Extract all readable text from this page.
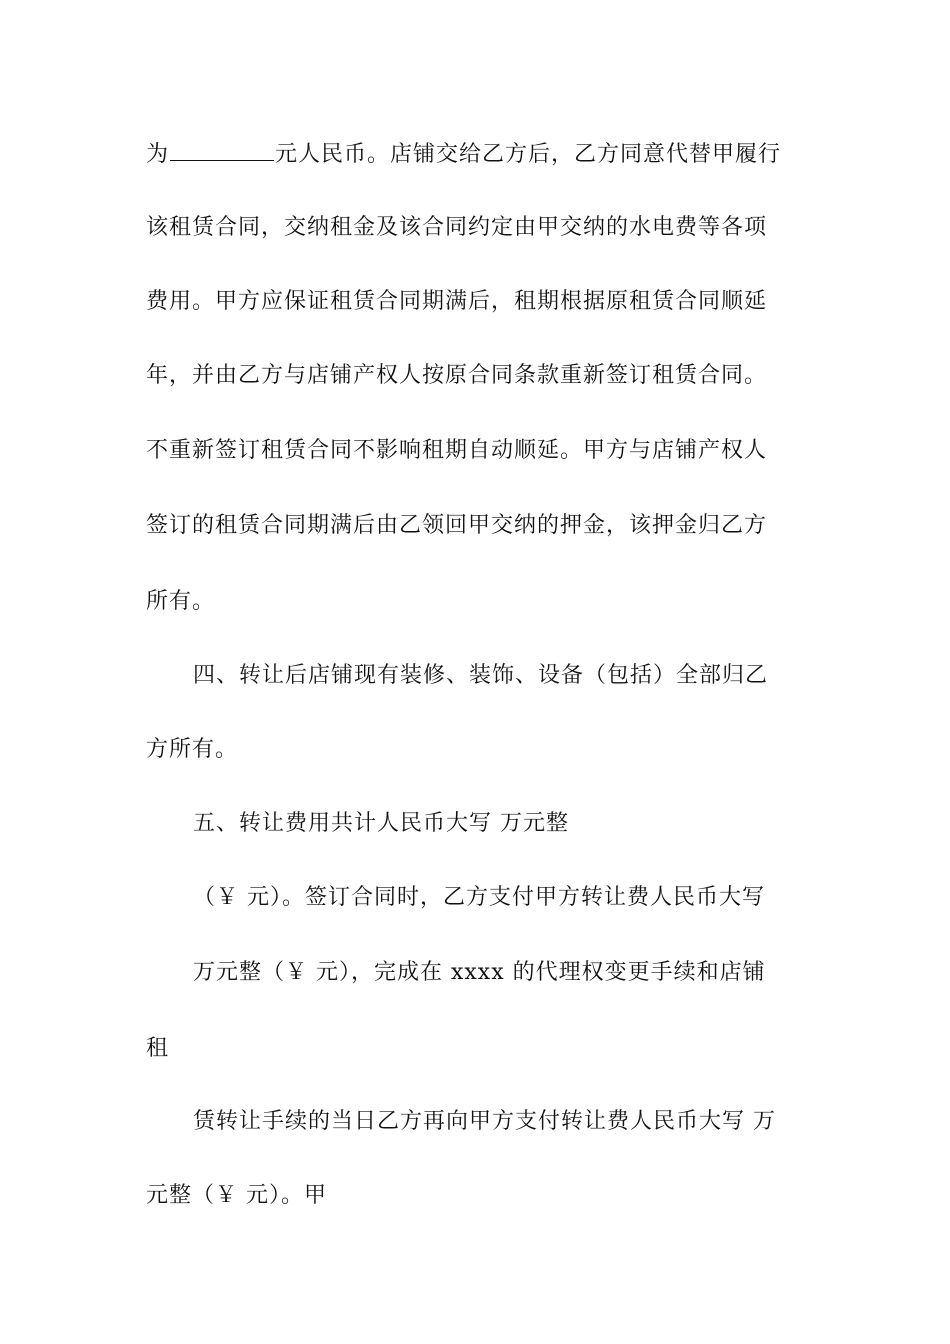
为	元人民币。店铺交给乙方后，乙方同意代替甲履行
该租赁合同，交纳租金及该合同约定由甲交纳的水电费等各项
费用。甲方应保证租赁合同期满后，租期根据原租赁合同顺延
年，并由乙方与店铺产权人按原合同条款重新签订租赁合同。
不重新签订租赁合同不影响租期自动顺延。甲方与店铺产权人
签订的租赁合同期满后由乙领回甲交纳的押金，该押金归乙方
所有。
四、转让后店铺现有装修、装饰、设备（包括）全部归乙
方所有。
五、转让费用共计人民币大写 万元整
（￥ 元）。签订合同时，乙方支付甲方转让费人民币大写
万元整（￥ 元），完成在 xxxx 的代理权变更手续和店铺
租
赁转让手续的当日乙方再向甲方支付转让费人民币大写 万
元整（￥ 元）。甲
